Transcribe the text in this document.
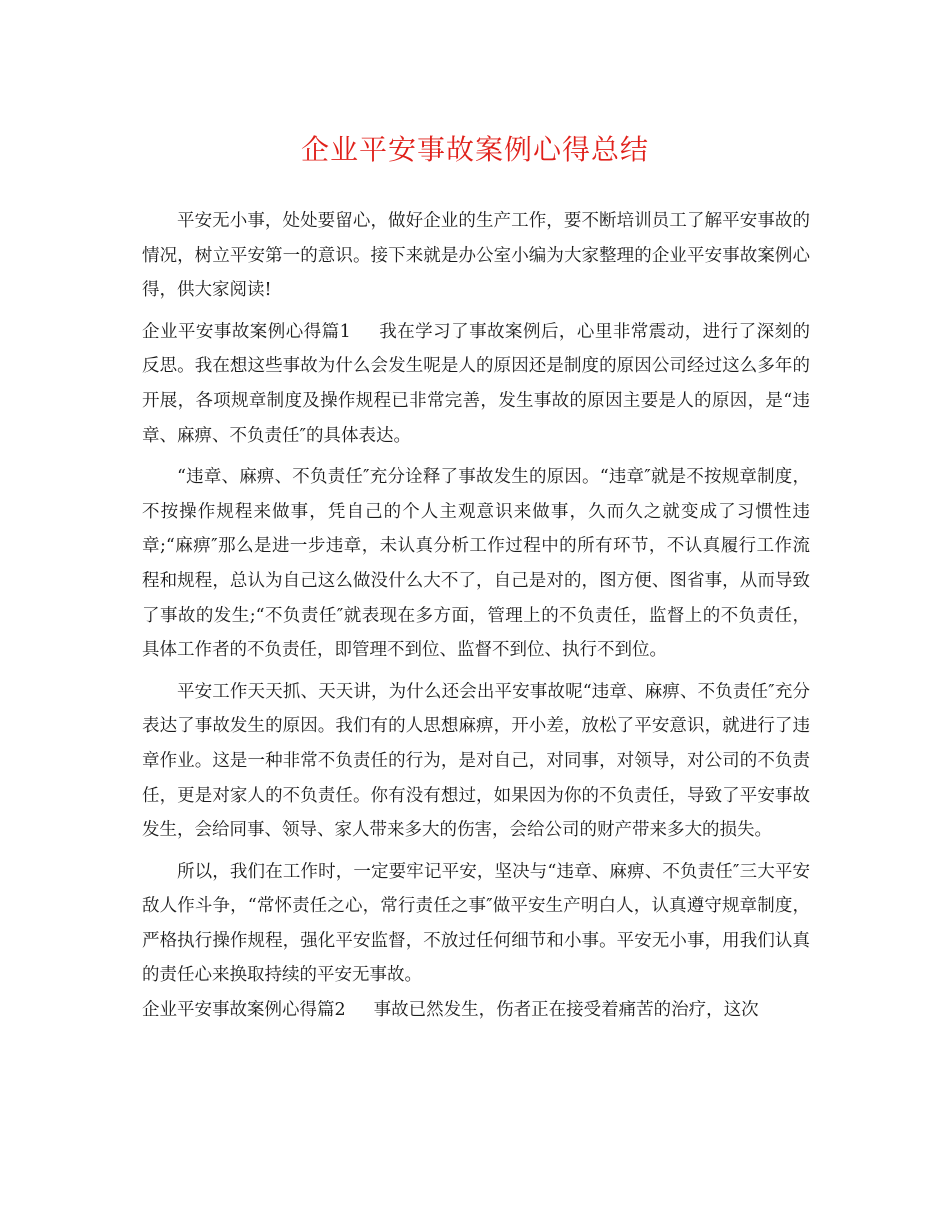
企业平安事故案例心得总结

平安无小事，处处要留心，做好企业的生产工作，要不断培训员工了解平安事故的情况，树立平安第一的意识。接下来就是办公室小编为大家整理的企业平安事故案例心得，供大家阅读!

企业平安事故案例心得篇1 我在学习了事故案例后，心里非常震动，进行了深刻的反思。我在想这些事故为什么会发生呢是人的原因还是制度的原因公司经过这么多年的开展，各项规章制度及操作规程已非常完善，发生事故的原因主要是人的原因，是“违章、麻痹、不负责任″的具体表达。

“违章、麻痹、不负责任″充分诠释了事故发生的原因。“违章″就是不按规章制度，不按操作规程来做事，凭自己的个人主观意识来做事，久而久之就变成了习惯性违章;“麻痹″那么是进一步违章，未认真分析工作过程中的所有环节，不认真履行工作流程和规程，总认为自己这么做没什么大不了，自己是对的，图方便、图省事，从而导致了事故的发生;“不负责任″就表现在多方面，管理上的不负责任，监督上的不负责任，具体工作者的不负责任，即管理不到位、监督不到位、执行不到位。

平安工作天天抓、天天讲，为什么还会出平安事故呢“违章、麻痹、不负责任″充分表达了事故发生的原因。我们有的人思想麻痹，开小差，放松了平安意识，就进行了违章作业。这是一种非常不负责任的行为，是对自己，对同事，对领导，对公司的不负责任，更是对家人的不负责任。你有没有想过，如果因为你的不负责任，导致了平安事故发生，会给同事、领导、家人带来多大的伤害，会给公司的财产带来多大的损失。

所以，我们在工作时，一定要牢记平安，坚决与“违章、麻痹、不负责任″三大平安敌人作斗争，“常怀责任之心，常行责任之事″做平安生产明白人，认真遵守规章制度，严格执行操作规程，强化平安监督，不放过任何细节和小事。平安无小事，用我们认真的责任心来换取持续的平安无事故。

企业平安事故案例心得篇2 事故已然发生，伤者正在接受着痛苦的治疗，这次
